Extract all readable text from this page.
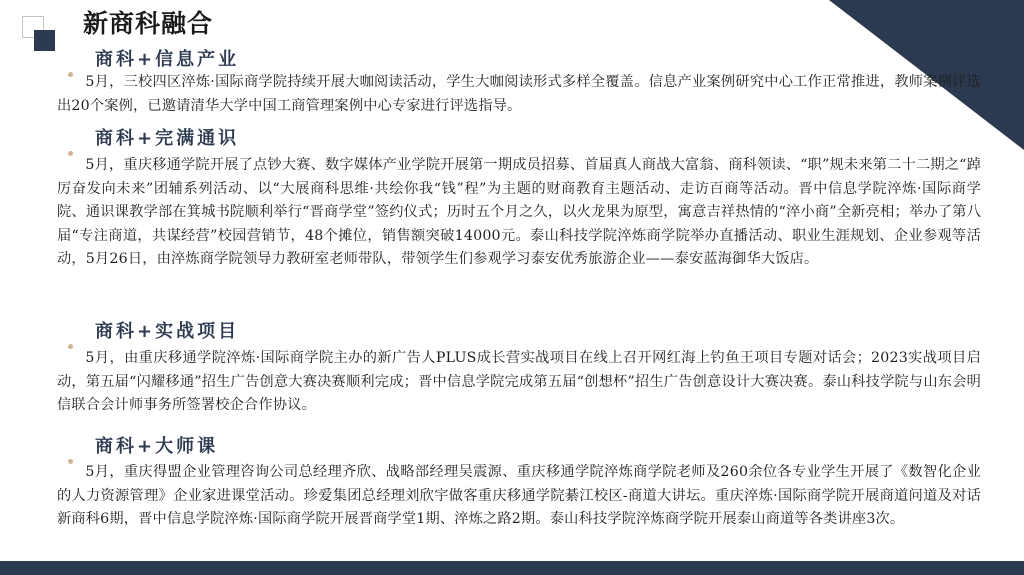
新商科融合
商科+信息产业
5月，三校四区淬炼·国际商学院持续开展大咖阅读活动，学生大咖阅读形式多样全覆盖。信息产业案例研究中心工作正常推进，教师案例评选出20个案例，已邀请清华大学中国工商管理案例中心专家进行评选指导。
商科+完满通识
5月，重庆移通学院开展了点钞大赛、数字媒体产业学院开展第一期成员招募、首届真人商战大富翁、商科领读、“职”规未来第二十二期之“踔厉奋发向未来”团辅系列活动、以“大展商科思维·共绘你我“钱”程”为主题的财商教育主题活动、走访百商等活动。晋中信息学院淬炼·国际商学院、通识课教学部在箕城书院顺利举行“晋商学堂”签约仪式；历时五个月之久，以火龙果为原型，寓意吉祥热情的“淬小商”全新亮相；举办了第八届“专注商道，共谋经营”校园营销节，48个摊位，销售额突破14000元。泰山科技学院淬炼商学院举办直播活动、职业生涯规划、企业参观等活动，5月26日，由淬炼商学院领导力教研室老师带队，带领学生们参观学习泰安优秀旅游企业——泰安蓝海御华大饭店。
商科+实战项目
5月，由重庆移通学院淬炼·国际商学院主办的新广告人PLUS成长营实战项目在线上召开网红海上钓鱼王项目专题对话会；2023实战项目启动，第五届“闪耀移通”招生广告创意大赛决赛顺利完成；晋中信息学院完成第五届“创想杯”招生广告创意设计大赛决赛。泰山科技学院与山东会明信联合会计师事务所签署校企合作协议。
商科+大师课
5月，重庆得盟企业管理咨询公司总经理齐欣、战略部经理吴震源、重庆移通学院淬炼商学院老师及260余位各专业学生开展了《数智化企业的人力资源管理》企业家进课堂活动。珍爱集团总经理刘欣宇做客重庆移通学院綦江校区-商道大讲坛。重庆淬炼·国际商学院开展商道问道及对话新商科6期，晋中信息学院淬炼·国际商学院开展晋商学堂1期、淬炼之路2期。泰山科技学院淬炼商学院开展泰山商道等各类讲座3次。
